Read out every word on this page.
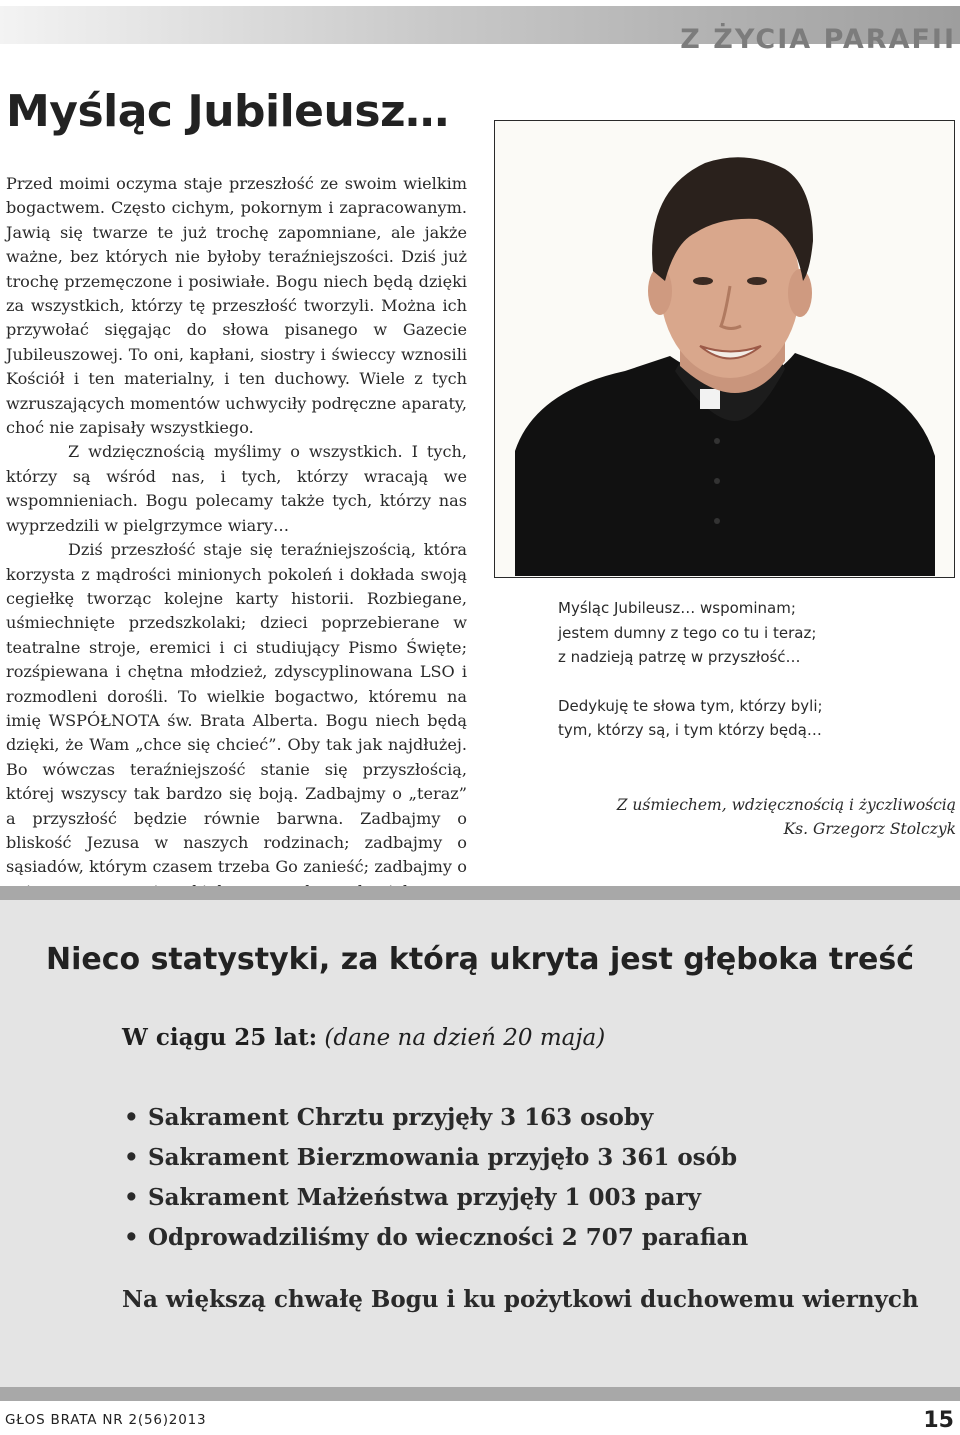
Z ŻYCIA PARAFII
Myśląc Jubileusz…

Przed moimi oczyma staje przeszłość ze swoim wielkim bogactwem. Często cichym, pokornym i zapracowanym. Jawią się twarze te już trochę zapomniane, ale jakże ważne, bez których nie byłoby teraźniejszości. Dziś już trochę przemęczone i posiwiałe. Bogu niech będą dzięki za wszystkich, którzy tę przeszłość tworzyli. Można ich przywołać sięgając do słowa pisanego w Gazecie Jubileuszowej. To oni, kapłani, siostry i świeccy wznosili Kościół i ten materialny, i ten duchowy. Wiele z tych wzruszających momentów uchwyciły podręczne aparaty, choć nie zapisały wszystkiego.

Z wdzięcznością myślimy o wszystkich. I tych, którzy są wśród nas, i tych, którzy wracają we wspomnieniach. Bogu polecamy także tych, którzy nas wyprzedzili w pielgrzymce wiary…

Dziś przeszłość staje się teraźniejszością, która korzysta z mądrości minionych pokoleń i dokłada swoją cegiełkę tworząc kolejne karty historii. Rozbiegane, uśmiechnięte przedszkolaki; dzieci poprzebierane w teatralne stroje, eremici i ci studiujący Pismo Święte; rozśpiewana i chętna młodzież, zdyscyplinowana LSO i rozmodleni dorośli. To wielkie bogactwo, któremu na imię WSPÓŁNOTA św. Brata Alberta. Bogu niech będą dzięki, że Wam „chce się chcieć”. Oby tak jak najdłużej. Bo wówczas teraźniejszość stanie się przyszłością, której wszyscy tak bardzo się boją. Zadbajmy o „teraz” a przyszłość będzie równie barwna. Zadbajmy o bliskość Jezusa w naszych rodzinach; zadbajmy o sąsiadów, którym czasem trzeba Go zanieść; zadbajmy o

Myśląc Jubileusz… wspominam;
jestem dumny z tego co tu i teraz;
z nadzieją patrzę w przyszłość…
Dedykuję te słowa tym, którzy byli;
tym, którzy są, i tym którzy będą…
Z uśmiechem, wdzięcznością i życzliwością
Ks. Grzegorz Stolczyk
Nieco statystyki, za którą ukryta jest głęboka treść
W ciągu 25 lat: (dane na dzień 20 maja)
• Sakrament Chrztu przyjęły 3 163 osoby
• Sakrament Bierzmowania przyjęło 3 361 osób
• Sakrament Małżeństwa przyjęły 1 003 pary
• Odprowadziliśmy do wieczności 2 707 parafian
Na większą chwałę Bogu i ku pożytkowi duchowemu wiernych
GŁOS BRATA NR 2(56)2013	15
